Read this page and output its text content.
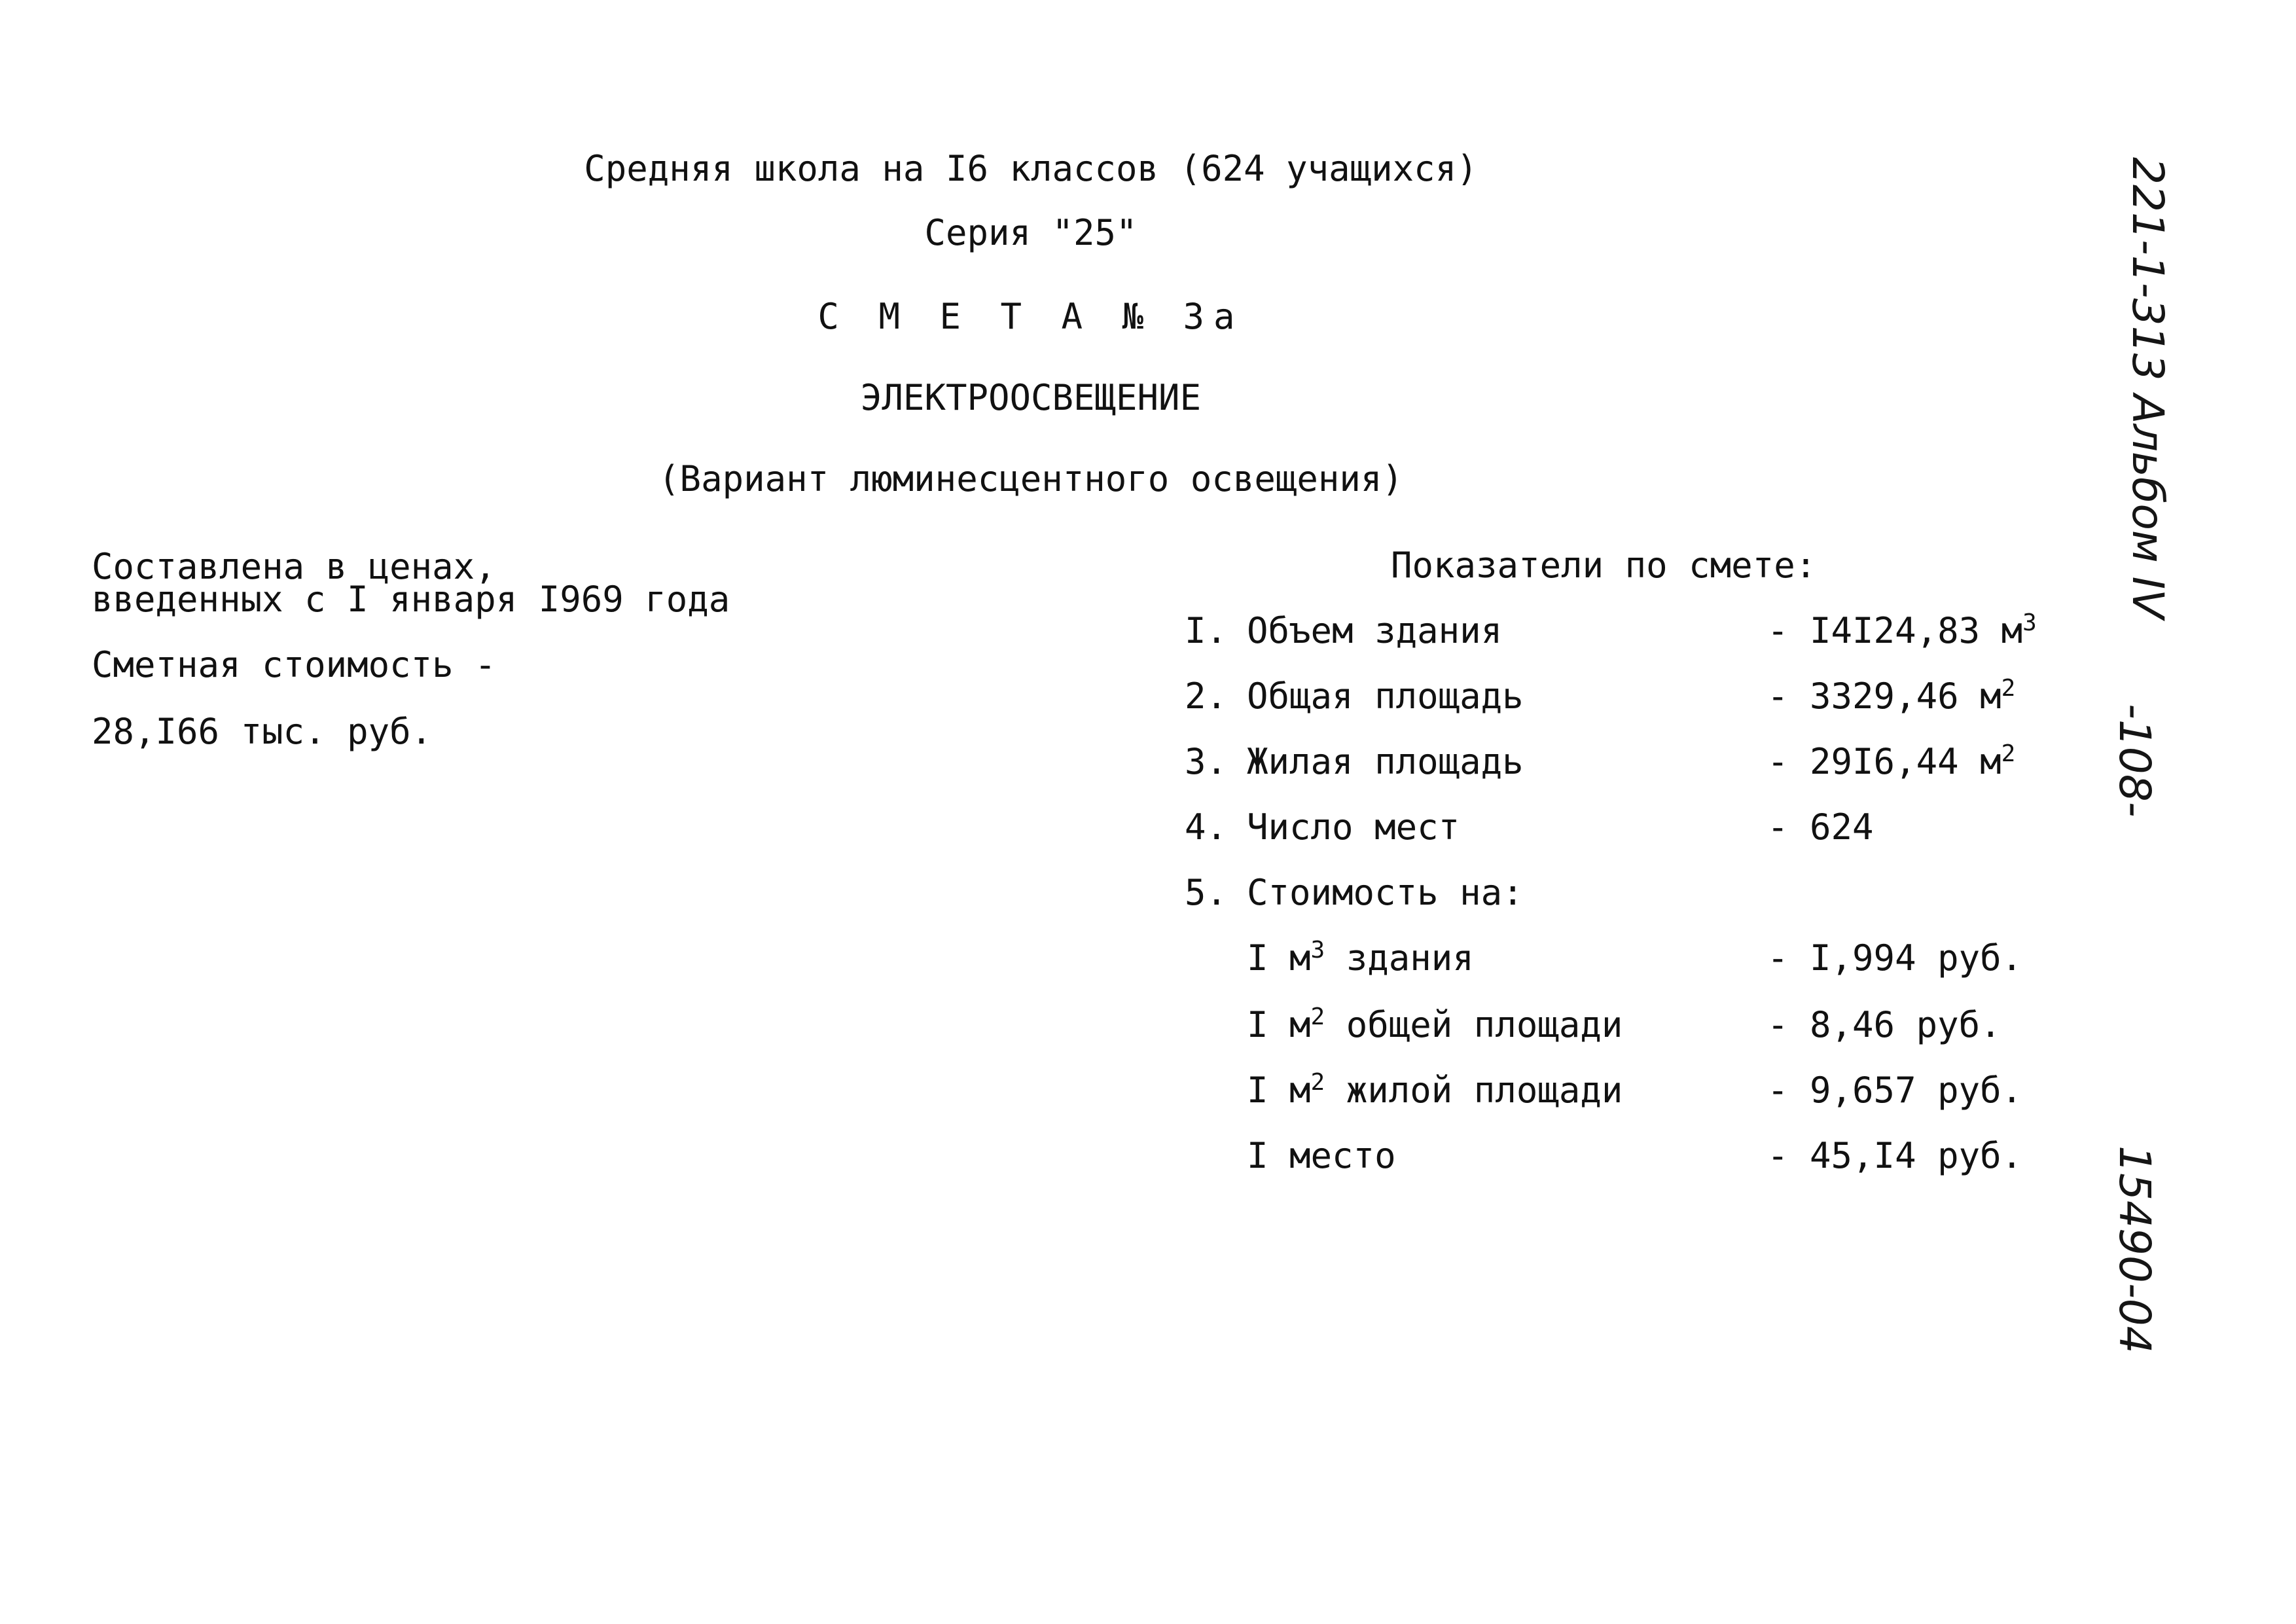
Средняя школа на I6 классов (624 учащихся)
Серия "25"
С М Е Т А № 3а
ЭЛЕКТРООСВЕЩЕНИЕ
(Вариант люминесцентного освещения)
Составлена в ценах,
введенных с I января I969 года
Сметная стоимость -
28,I66 тыс. руб.
Показатели по смете:
I. Объем здания	- I4I24,83 $м^3$
2. Общая площадь	- 3329,46 $м^2$
3. Жилая площадь	- 29I6,44 $м^2$
4. Число мест	- 624
5. Стоимость на:
I $м^3$ здания	- I,994 руб.
I $м^2$ общей площади	- 8,46 руб.
I $м^2$ жилой площади	- 9,657 руб.
I место	- 45,I4 руб.
221-1-313 Альбом IV
-108-
15490-04
